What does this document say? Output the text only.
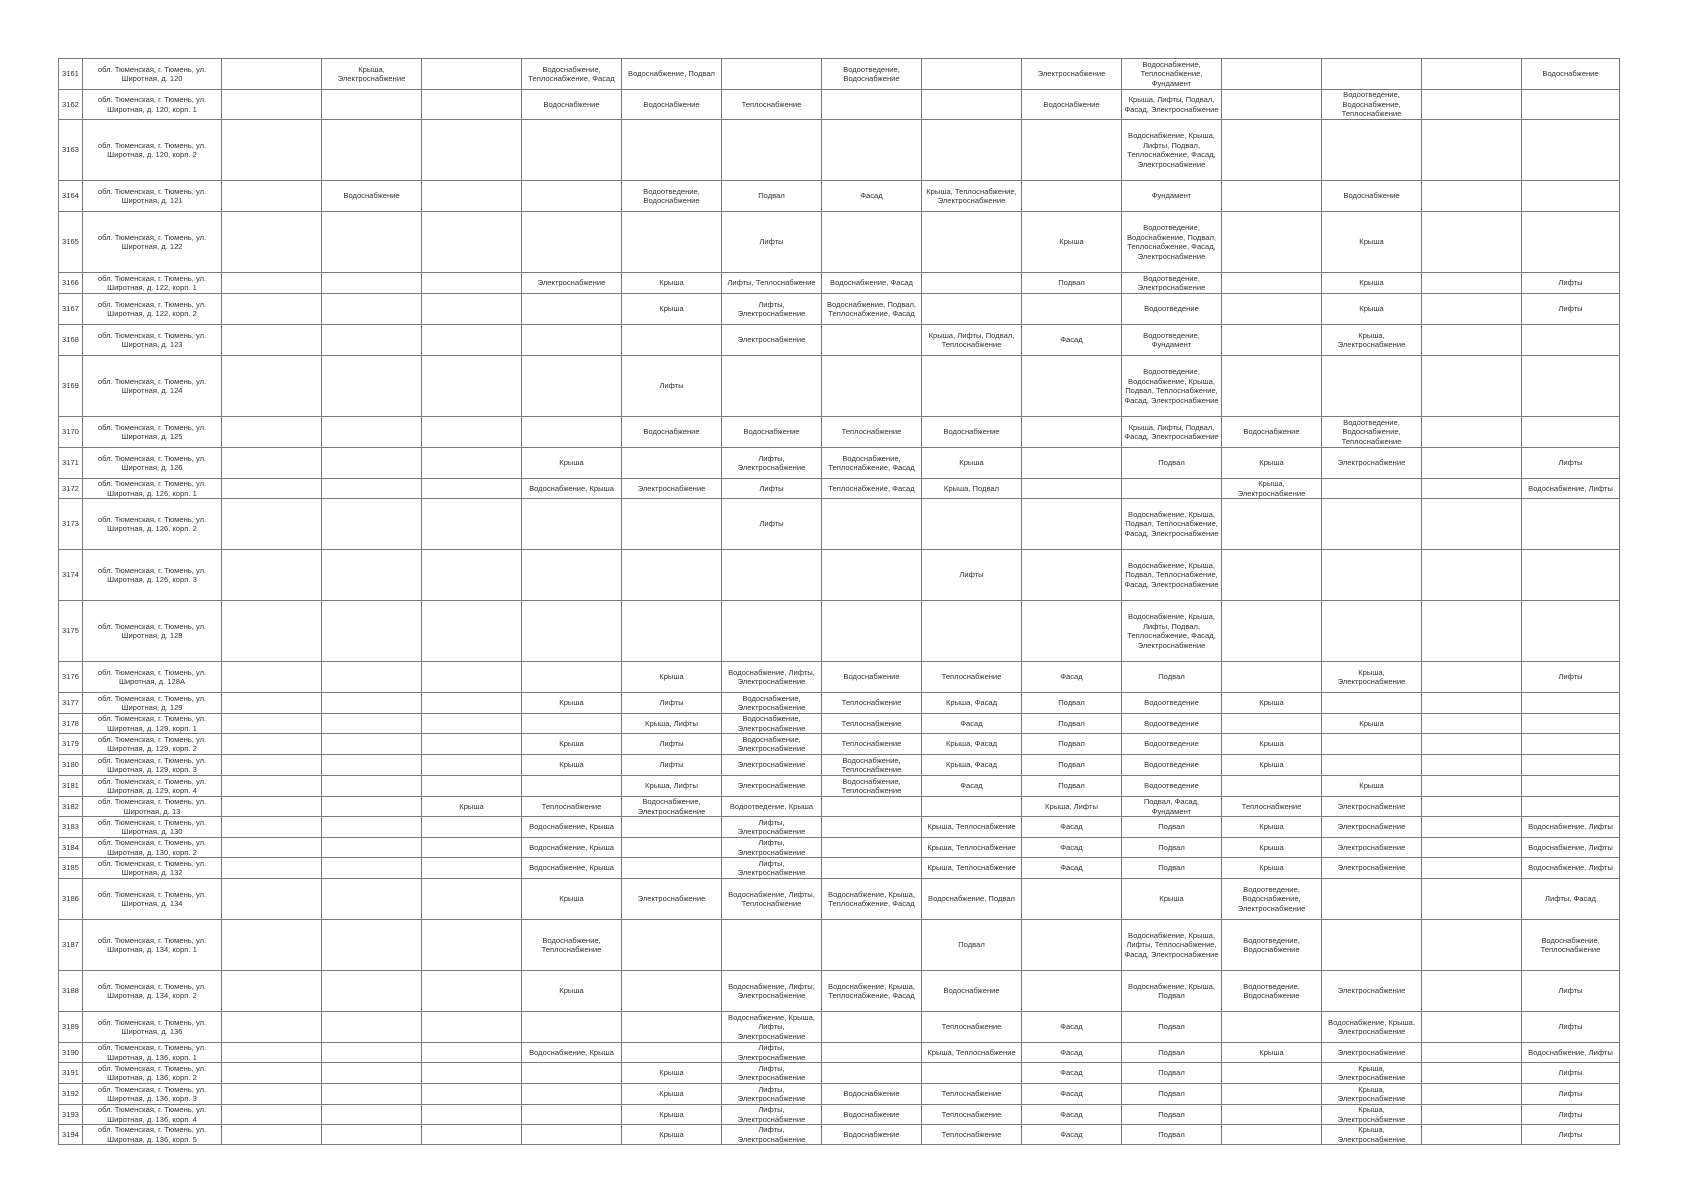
3161	обл. Тюменская, г. Тюмень, ул. Широтная, д. 120		Крыша, Электроснабжение		Водоснабжение, Теплоснабжение, Фасад	Водоснабжение, Подвал		Водоотведение, Водоснабжение		Электроснабжение	Водоснабжение, Теплоснабжение, Фундамент				Водоснабжение
3162	обл. Тюменская, г. Тюмень, ул. Широтная, д. 120, корп. 1				Водоснабжение	Водоснабжение	Теплоснабжение			Водоснабжение	Крыша, Лифты, Подвал, Фасад, Электроснабжение		Водоотведение, Водоснабжение, Теплоснабжение		
3163	обл. Тюменская, г. Тюмень, ул. Широтная, д. 120, корп. 2										Водоснабжение, Крыша, Лифты, Подвал, Теплоснабжение, Фасад, Электроснабжение				
3164	обл. Тюменская, г. Тюмень, ул. Широтная, д. 121		Водоснабжение			Водоотведение, Водоснабжение	Подвал	Фасад	Крыша, Теплоснабжение, Электроснабжение		Фундамент		Водоснабжение		
3165	обл. Тюменская, г. Тюмень, ул. Широтная, д. 122						Лифты			Крыша	Водоотведение, Водоснабжение, Подвал, Теплоснабжение, Фасад, Электроснабжение		Крыша		
3166	обл. Тюменская, г. Тюмень, ул. Широтная, д. 122, корп. 1				Электроснабжение	Крыша	Лифты, Теплоснабжение	Водоснабжение, Фасад		Подвал	Водоотведение, Электроснабжение		Крыша		Лифты
3167	обл. Тюменская, г. Тюмень, ул. Широтная, д. 122, корп. 2					Крыша	Лифты, Электроснабжение	Водоснабжение, Подвал, Теплоснабжение, Фасад			Водоотведение		Крыша		Лифты
3168	обл. Тюменская, г. Тюмень, ул. Широтная, д. 123						Электроснабжение		Крыша, Лифты, Подвал, Теплоснабжение	Фасад	Водоотведение, Фундамент		Крыша, Электроснабжение		
3169	обл. Тюменская, г. Тюмень, ул. Широтная, д. 124					Лифты					Водоотведение, Водоснабжение, Крыша, Подвал, Теплоснабжение, Фасад, Электроснабжение				
3170	обл. Тюменская, г. Тюмень, ул. Широтная, д. 125					Водоснабжение	Водоснабжение	Теплоснабжение	Водоснабжение		Крыша, Лифты, Подвал, Фасад, Электроснабжение	Водоснабжение	Водоотведение, Водоснабжение, Теплоснабжение		
3171	обл. Тюменская, г. Тюмень, ул. Широтная, д. 126				Крыша		Лифты, Электроснабжение	Водоснабжение, Теплоснабжение, Фасад	Крыша		Подвал	Крыша	Электроснабжение		Лифты
3172	обл. Тюменская, г. Тюмень, ул. Широтная, д. 126, корп. 1				Водоснабжение, Крыша	Электроснабжение	Лифты	Теплоснабжение, Фасад	Крыша, Подвал			Крыша, Электроснабжение			Водоснабжение, Лифты
3173	обл. Тюменская, г. Тюмень, ул. Широтная, д. 126, корп. 2						Лифты				Водоснабжение, Крыша, Подвал, Теплоснабжение, Фасад, Электроснабжение				
3174	обл. Тюменская, г. Тюмень, ул. Широтная, д. 126, корп. 3								Лифты		Водоснабжение, Крыша, Подвал, Теплоснабжение, Фасад, Электроснабжение				
3175	обл. Тюменская, г. Тюмень, ул. Широтная, д. 128										Водоснабжение, Крыша, Лифты, Подвал, Теплоснабжение, Фасад, Электроснабжение				
3176	обл. Тюменская, г. Тюмень, ул. Широтная, д. 128А					Крыша	Водоснабжение, Лифты, Электроснабжение	Водоснабжение	Теплоснабжение	Фасад	Подвал		Крыша, Электроснабжение		Лифты
3177	обл. Тюменская, г. Тюмень, ул. Широтная, д. 129				Крыша	Лифты	Водоснабжение, Электроснабжение	Теплоснабжение	Крыша, Фасад	Подвал	Водоотведение	Крыша			
3178	обл. Тюменская, г. Тюмень, ул. Широтная, д. 129, корп. 1					Крыша, Лифты	Водоснабжение, Электроснабжение	Теплоснабжение	Фасад	Подвал	Водоотведение		Крыша		
3179	обл. Тюменская, г. Тюмень, ул. Широтная, д. 129, корп. 2				Крыша	Лифты	Водоснабжение, Электроснабжение	Теплоснабжение	Крыша, Фасад	Подвал	Водоотведение	Крыша			
3180	обл. Тюменская, г. Тюмень, ул. Широтная, д. 129, корп. 3				Крыша	Лифты	Электроснабжение	Водоснабжение, Теплоснабжение	Крыша, Фасад	Подвал	Водоотведение	Крыша			
3181	обл. Тюменская, г. Тюмень, ул. Широтная, д. 129, корп. 4					Крыша, Лифты	Электроснабжение	Водоснабжение, Теплоснабжение	Фасад	Подвал	Водоотведение		Крыша		
3182	обл. Тюменская, г. Тюмень, ул. Широтная, д. 13			Крыша	Теплоснабжение	Водоснабжение, Электроснабжение	Водоотведение, Крыша			Крыша, Лифты	Подвал, Фасад, Фундамент	Теплоснабжение	Электроснабжение		
3183	обл. Тюменская, г. Тюмень, ул. Широтная, д. 130				Водоснабжение, Крыша		Лифты, Электроснабжение		Крыша, Теплоснабжение	Фасад	Подвал	Крыша	Электроснабжение		Водоснабжение, Лифты
3184	обл. Тюменская, г. Тюмень, ул. Широтная, д. 130, корп. 2				Водоснабжение, Крыша		Лифты, Электроснабжение		Крыша, Теплоснабжение	Фасад	Подвал	Крыша	Электроснабжение		Водоснабжение, Лифты
3185	обл. Тюменская, г. Тюмень, ул. Широтная, д. 132				Водоснабжение, Крыша		Лифты, Электроснабжение		Крыша, Теплоснабжение	Фасад	Подвал	Крыша	Электроснабжение		Водоснабжение, Лифты
3186	обл. Тюменская, г. Тюмень, ул. Широтная, д. 134				Крыша	Электроснабжение	Водоснабжение, Лифты, Теплоснабжение	Водоснабжение, Крыша, Теплоснабжение, Фасад	Водоснабжение, Подвал		Крыша	Водоотведение, Водоснабжение, Электроснабжение			Лифты, Фасад
3187	обл. Тюменская, г. Тюмень, ул. Широтная, д. 134, корп. 1				Водоснабжение, Теплоснабжение				Подвал		Водоснабжение, Крыша, Лифты, Теплоснабжение, Фасад, Электроснабжение	Водоотведение, Водоснабжение			Водоснабжение, Теплоснабжение
3188	обл. Тюменская, г. Тюмень, ул. Широтная, д. 134, корп. 2				Крыша		Водоснабжение, Лифты, Электроснабжение	Водоснабжение, Крыша, Теплоснабжение, Фасад	Водоснабжение		Водоснабжение, Крыша, Подвал	Водоотведение, Водоснабжение	Электроснабжение		Лифты
3189	обл. Тюменская, г. Тюмень, ул. Широтная, д. 136						Водоснабжение, Крыша, Лифты, Электроснабжение		Теплоснабжение	Фасад	Подвал		Водоснабжение, Крыша, Электроснабжение		Лифты
3190	обл. Тюменская, г. Тюмень, ул. Широтная, д. 136, корп. 1				Водоснабжение, Крыша		Лифты, Электроснабжение		Крыша, Теплоснабжение	Фасад	Подвал	Крыша	Электроснабжение		Водоснабжение, Лифты
3191	обл. Тюменская, г. Тюмень, ул. Широтная, д. 136, корп. 2					Крыша	Лифты, Электроснабжение			Фасад	Подвал		Крыша, Электроснабжение		Лифты
3192	обл. Тюменская, г. Тюмень, ул. Широтная, д. 136, корп. 3					Крыша	Лифты, Электроснабжение	Водоснабжение	Теплоснабжение	Фасад	Подвал		Крыша, Электроснабжение		Лифты
3193	обл. Тюменская, г. Тюмень, ул. Широтная, д. 136, корп. 4					Крыша	Лифты, Электроснабжение	Водоснабжение	Теплоснабжение	Фасад	Подвал		Крыша, Электроснабжение		Лифты
3194	обл. Тюменская, г. Тюмень, ул. Широтная, д. 136, корп. 5					Крыша	Лифты, Электроснабжение	Водоснабжение	Теплоснабжение	Фасад	Подвал		Крыша, Электроснабжение		Лифты
